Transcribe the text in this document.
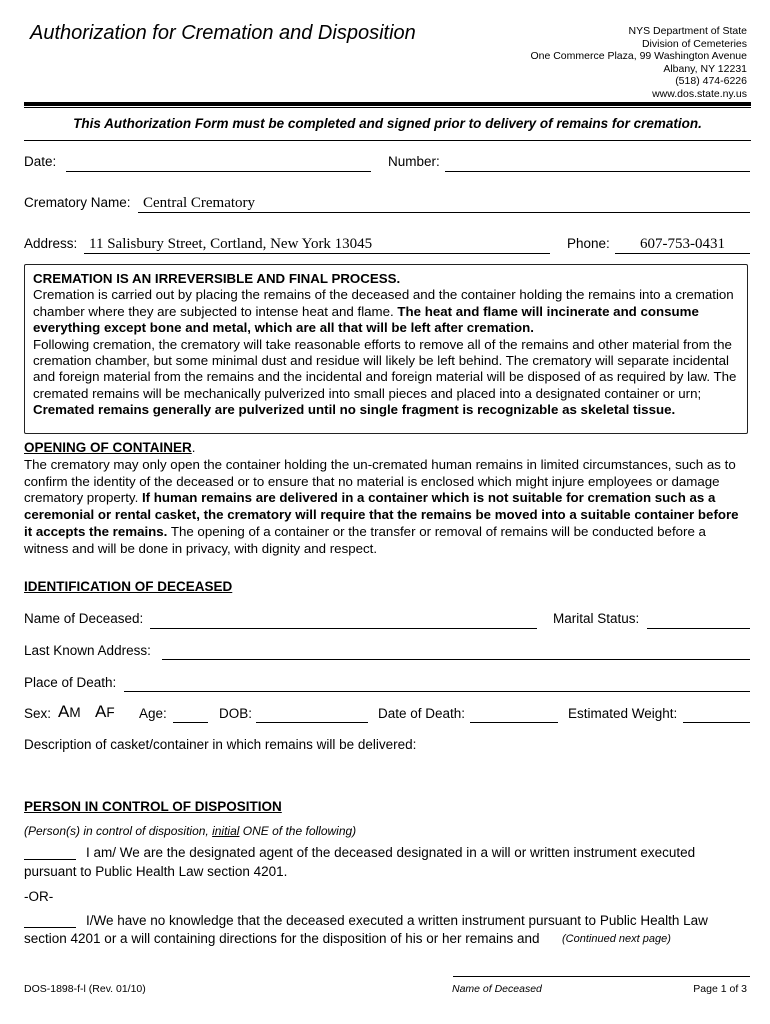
Authorization for Cremation and Disposition	NYS Department of State
Division of Cemeteries
One Commerce Plaza, 99 Washington Avenue
Albany, NY 12231
(518) 474-6226
www.dos.state.ny.us
This Authorization Form must be completed and signed prior to delivery of remains for cremation.
Date:	Number:
Crematory Name: Central Crematory
Address: 11 Salisbury Street, Cortland, New York 13045	Phone: 607-753-0431

CREMATION IS AN IRREVERSIBLE AND FINAL PROCESS.

Cremation is carried out by placing the remains of the deceased and the container holding the remains into a cremation chamber where they are subjected to intense heat and flame. The heat and flame will incinerate and consume everything except bone and metal, which are all that will be left after cremation.

Following cremation, the crematory will take reasonable efforts to remove all of the remains and other material from the cremation chamber, but some minimal dust and residue will likely be left behind. The crematory will separate incidental and foreign material from the remains and the incidental and foreign material will be disposed of as required by law. The cremated remains will be mechanically pulverized into small pieces and placed into a designated container or urn; Cremated remains generally are pulverized until no single fragment is recognizable as skeletal tissue.

OPENING OF CONTAINER.
The crematory may only open the container holding the un-cremated human remains in limited circumstances, such as to confirm the identity of the deceased or to ensure that no material is enclosed which might injure employees or damage crematory property. If human remains are delivered in a container which is not suitable for cremation such as a ceremonial or rental casket, the crematory will require that the remains be moved into a suitable container before it accepts the remains. The opening of a container or the transfer or removal of remains will be conducted before a witness and will be done in privacy, with dignity and respect.
IDENTIFICATION OF DECEASED
Name of Deceased:	Marital Status:
Last Known Address:
Place of Death:
Sex: AM AF Age:	DOB:	Date of Death:	Estimated Weight:
Description of casket/container in which remains will be delivered:
PERSON IN CONTROL OF DISPOSITION
(Person(s) in control of disposition, initial ONE of the following)
I am/ We are the designated agent of the deceased designated in a will or written instrument executed
pursuant to Public Health Law section 4201.
-OR-
I/We have no knowledge that the deceased executed a written instrument pursuant to Public Health Law
section 4201 or a will containing directions for the disposition of his or her remains and (Continued next page)
DOS-1898-f-l (Rev. 01/10)	Name of Deceased	Page 1 of 3
